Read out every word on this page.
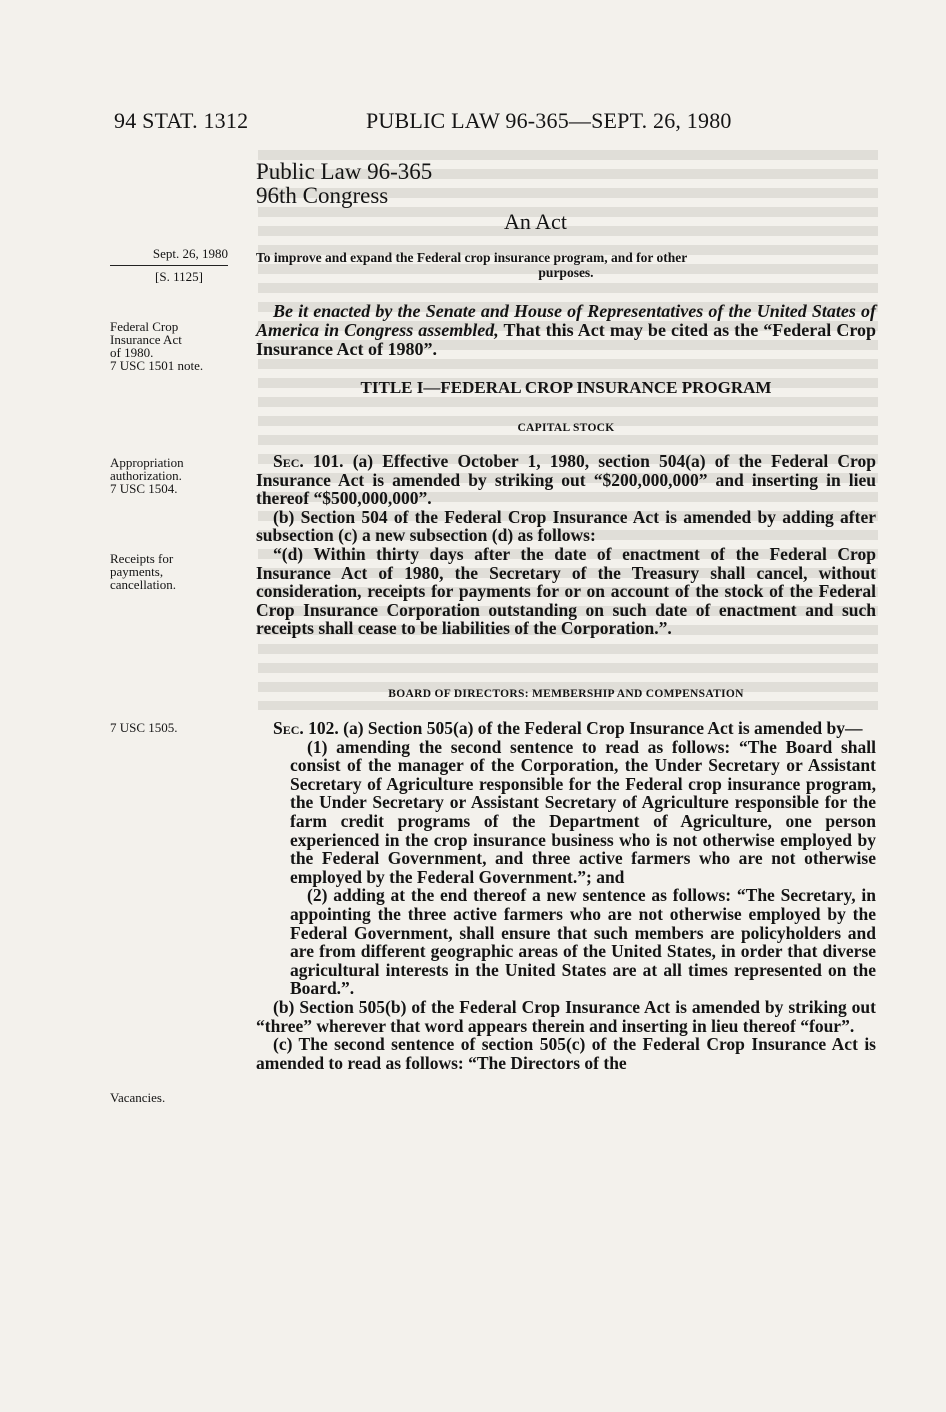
94 STAT. 1312	PUBLIC LAW 96-365—SEPT. 26, 1980
Public Law 96-365
96th Congress
An Act
Sept. 26, 1980
[S. 1125]
Federal Crop
Insurance Act
of 1980.
7 USC 1501 note.
Appropriation
authorization.
7 USC 1504.
Receipts for
payments,
cancellation.
7 USC 1505.
Vacancies.
To improve and expand the Federal crop insurance program, and for other
purposes.

Be it enacted by the Senate and House of Representatives of the United States of America in Congress assembled, That this Act may be cited as the “Federal Crop Insurance Act of 1980”.

TITLE I—FEDERAL CROP INSURANCE PROGRAM
CAPITAL STOCK

Sec. 101. (a) Effective October 1, 1980, section 504(a) of the Federal Crop Insurance Act is amended by striking out “$200,000,000” and inserting in lieu thereof “$500,000,000”.

(b) Section 504 of the Federal Crop Insurance Act is amended by adding after subsection (c) a new subsection (d) as follows:

“(d) Within thirty days after the date of enactment of the Federal Crop Insurance Act of 1980, the Secretary of the Treasury shall cancel, without consideration, receipts for payments for or on account of the stock of the Federal Crop Insurance Corporation outstanding on such date of enactment and such receipts shall cease to be liabilities of the Corporation.”.

BOARD OF DIRECTORS: MEMBERSHIP AND COMPENSATION

Sec. 102. (a) Section 505(a) of the Federal Crop Insurance Act is amended by—

(1) amending the second sentence to read as follows: “The Board shall consist of the manager of the Corporation, the Under Secretary or Assistant Secretary of Agriculture responsible for the Federal crop insurance program, the Under Secretary or Assistant Secretary of Agriculture responsible for the farm credit programs of the Department of Agriculture, one person experienced in the crop insurance business who is not otherwise employed by the Federal Government, and three active farmers who are not otherwise employed by the Federal Government.”; and

(2) adding at the end thereof a new sentence as follows: “The Secretary, in appointing the three active farmers who are not otherwise employed by the Federal Government, shall ensure that such members are policyholders and are from different geographic areas of the United States, in order that diverse agricultural interests in the United States are at all times represented on the Board.”.

(b) Section 505(b) of the Federal Crop Insurance Act is amended by striking out “three” wherever that word appears therein and inserting in lieu thereof “four”.

(c) The second sentence of section 505(c) of the Federal Crop Insurance Act is amended to read as follows: “The Directors of the
